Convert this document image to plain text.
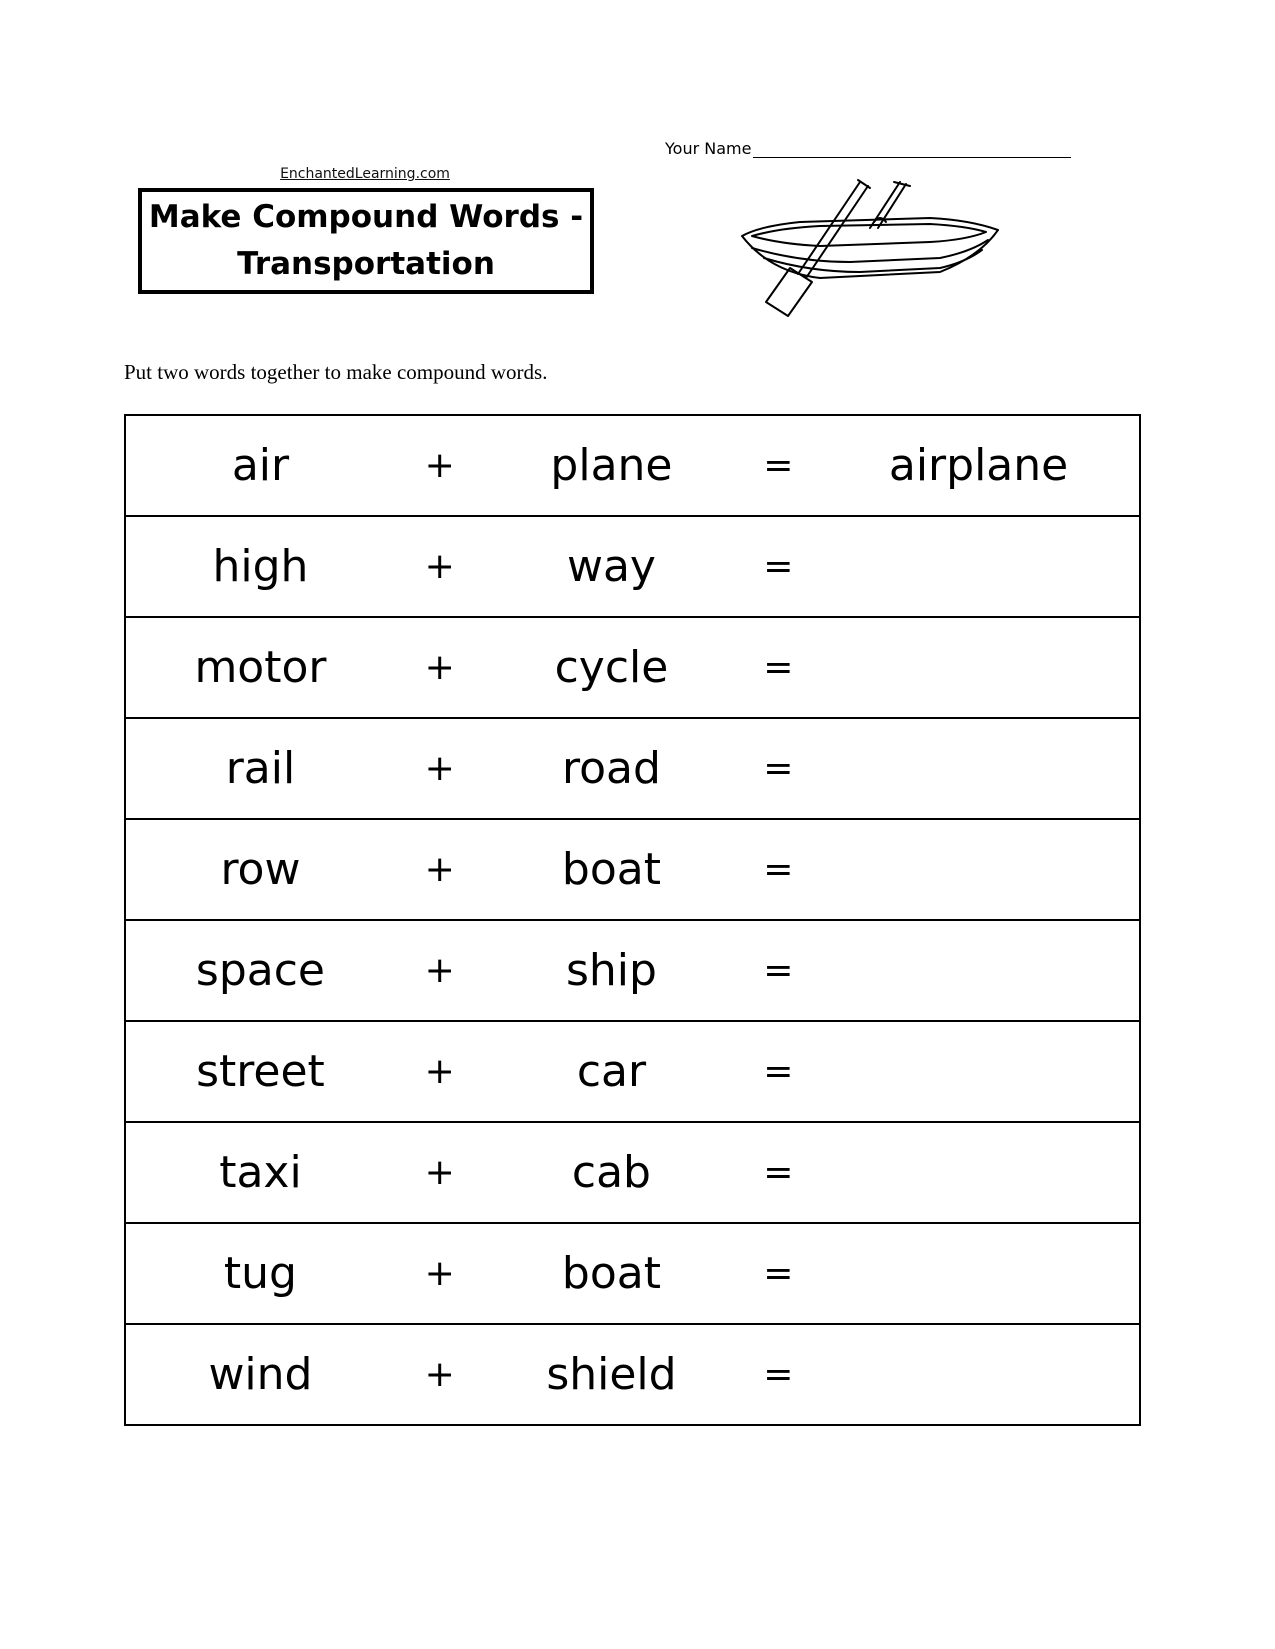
EnchantedLearning.com
Make Compound Words -
Transportation
Your Name
Put two words together to make compound words.
air	+	plane	=	airplane
high	+	way	=	
motor	+	cycle	=	
rail	+	road	=	
row	+	boat	=	
space	+	ship	=	
street	+	car	=	
taxi	+	cab	=	
tug	+	boat	=	
wind	+	shield	=	
